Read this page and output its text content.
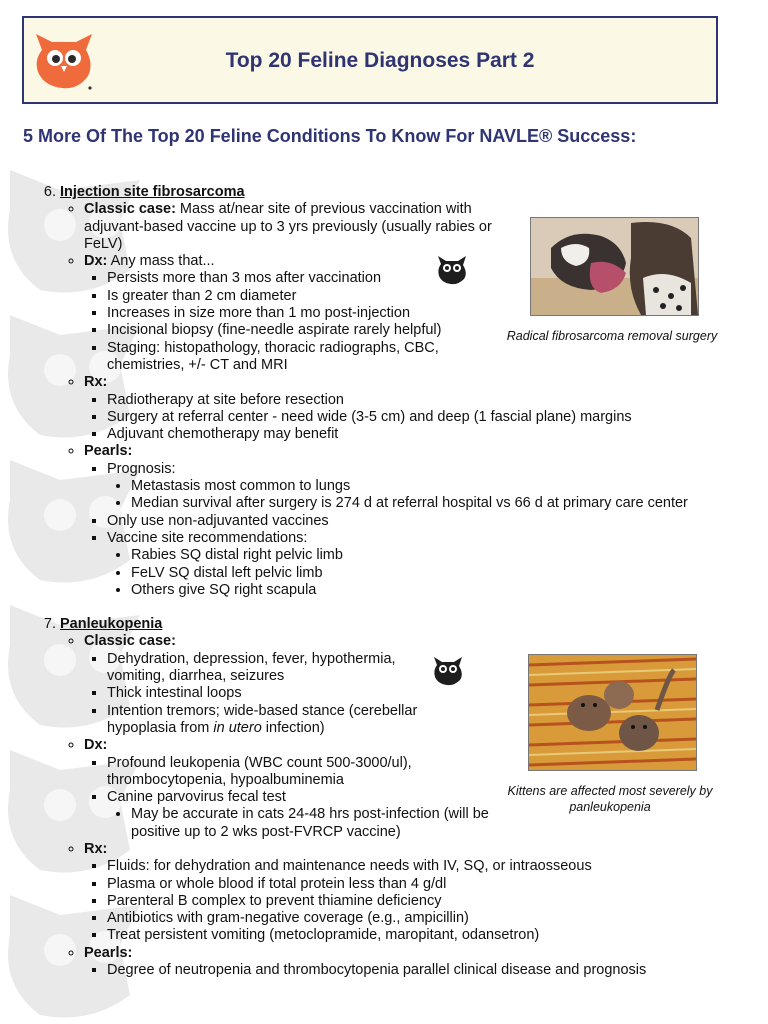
Top 20 Feline Diagnoses Part 2
5 More Of The Top 20 Feline Conditions To Know For NAVLE® Success:
Radical fibrosarcoma removal surgery
Kittens are affected most severely by panleukopenia
6. Injection site fibrosarcoma
◦ Classic case: Mass at/near site of previous vaccination with adjuvant-based vaccine up to 3 yrs previously (usually rabies or FeLV)
◦ Dx: Any mass that...
▪ Persists more than 3 mos after vaccination
▪ Is greater than 2 cm diameter
▪ Increases in size more than 1 mo post-injection
▪ Incisional biopsy (fine-needle aspirate rarely helpful)
▪ Staging: histopathology, thoracic radiographs, CBC, chemistries, +/- CT and MRI
◦ Rx:
▪ Radiotherapy at site before resection
▪ Surgery at referral center - need wide (3-5 cm) and deep (1 fascial plane) margins
▪ Adjuvant chemotherapy may benefit
◦ Pearls:
▪ Prognosis:
• Metastasis most common to lungs
• Median survival after surgery is 274 d at referral hospital vs 66 d at primary care center
▪ Only use non-adjuvanted vaccines
▪ Vaccine site recommendations:
• Rabies SQ distal right pelvic limb
• FeLV SQ distal left pelvic limb
• Others give SQ right scapula
7. Panleukopenia
◦ Classic case:
▪ Dehydration, depression, fever, hypothermia, vomiting, diarrhea, seizures
▪ Thick intestinal loops
▪ Intention tremors; wide-based stance (cerebellar hypoplasia from in utero infection)
◦ Dx:
▪ Profound leukopenia (WBC count 500-3000/ul), thrombocytopenia, hypoalbuminemia
▪ Canine parvovirus fecal test
• May be accurate in cats 24-48 hrs post-infection (will be positive up to 2 wks post-FVRCP vaccine)
◦ Rx:
▪ Fluids: for dehydration and maintenance needs with IV, SQ, or intraosseous
▪ Plasma or whole blood if total protein less than 4 g/dl
▪ Parenteral B complex to prevent thiamine deficiency
▪ Antibiotics with gram-negative coverage (e.g., ampicillin)
▪ Treat persistent vomiting (metoclopramide, maropitant, odansetron)
◦ Pearls:
▪ Degree of neutropenia and thrombocytopenia parallel clinical disease and prognosis
